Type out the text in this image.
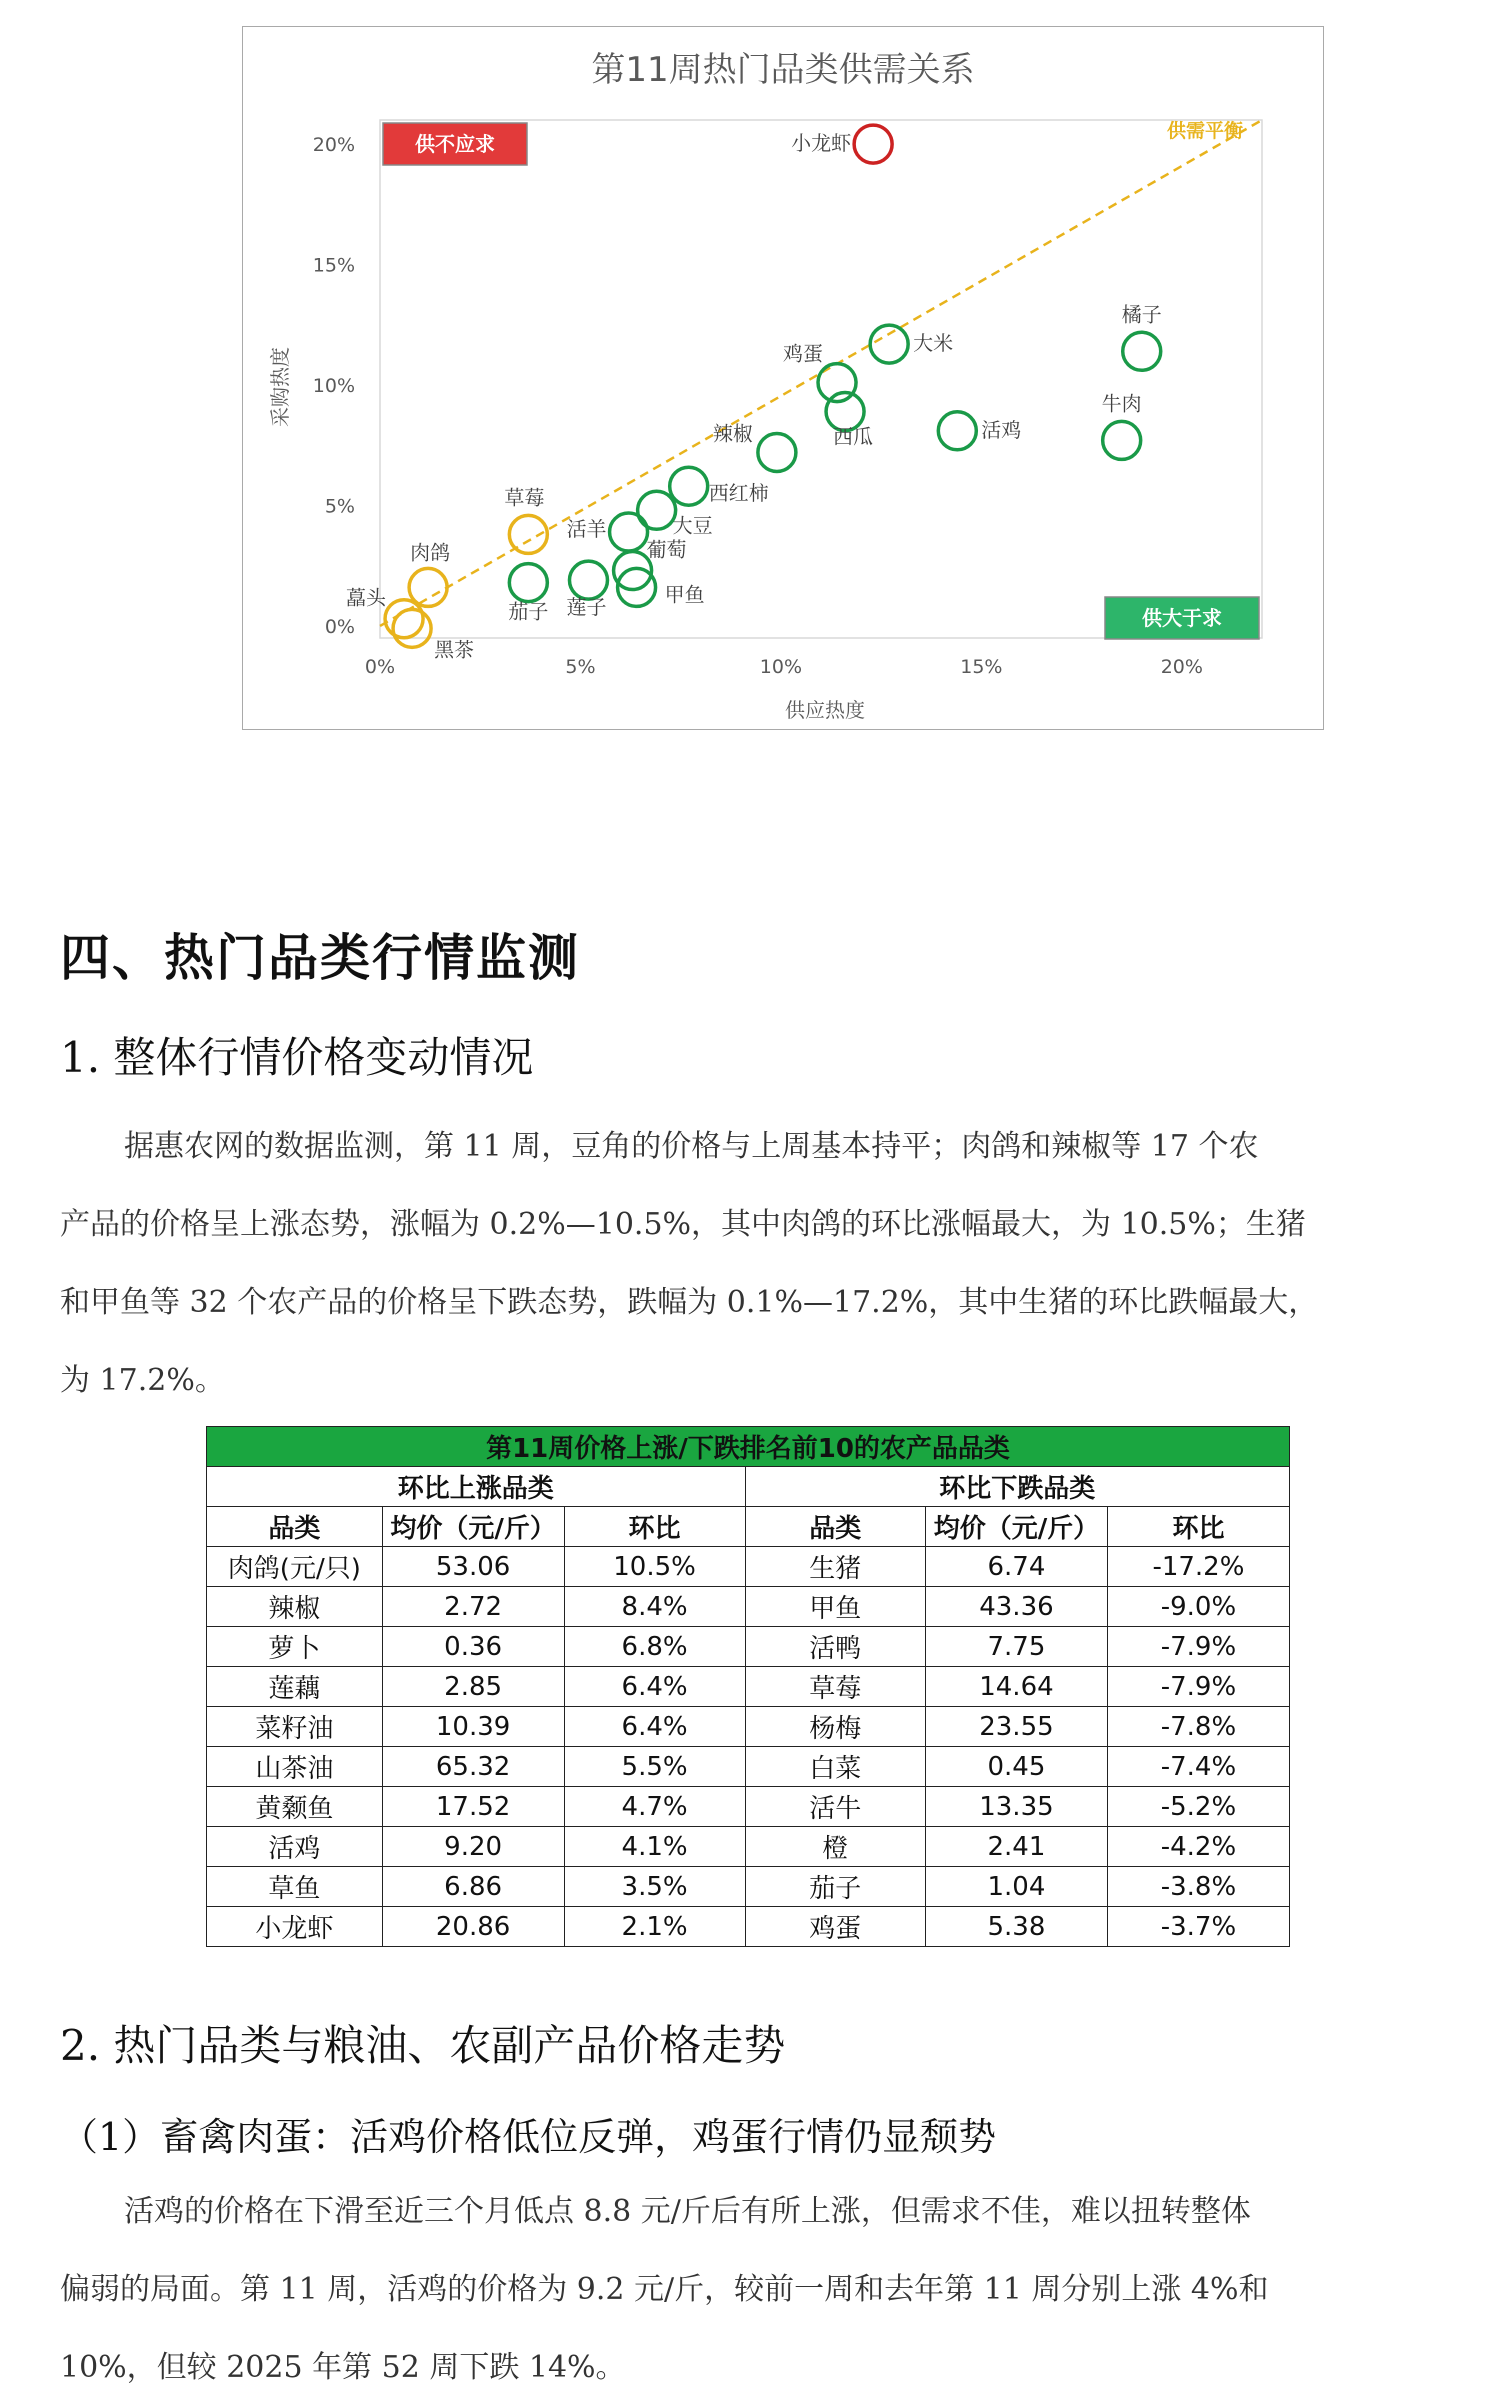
第11周热门品类供需关系
0%	5%	10%	15%	20%
0%
5%
10%
15%
20%
供应热度
采购热度
供需平衡
供不应求
供大于求
小龙虾
橘子
大米
鸡蛋
西瓜
牛肉
活鸡
辣椒
西红柿
大豆
活羊
葡萄
甲鱼
莲子
茄子
草莓
肉鸽
藠头
黑茶
四、热门品类行情监测
1. 整体行情价格变动情况

据惠农网的数据监测，第 11 周，豆角的价格与上周基本持平；肉鸽和辣椒等 17 个农
产品的价格呈上涨态势，涨幅为 0.2%—10.5%，其中肉鸽的环比涨幅最大，为 10.5%；生猪
和甲鱼等 32 个农产品的价格呈下跌态势，跌幅为 0.1%—17.2%，其中生猪的环比跌幅最大，
为 17.2%。

第11周价格上涨/下跌排名前10的农产品品类					
环比上涨品类			环比下跌品类		
品类	均价（元/斤）	环比	品类	均价（元/斤）	环比
肉鸽(元/只)	53.06	10.5%	生猪	6.74	-17.2%
辣椒	2.72	8.4%	甲鱼	43.36	-9.0%
萝卜	0.36	6.8%	活鸭	7.75	-7.9%
莲藕	2.85	6.4%	草莓	14.64	-7.9%
菜籽油	10.39	6.4%	杨梅	23.55	-7.8%
山茶油	65.32	5.5%	白菜	0.45	-7.4%
黄颡鱼	17.52	4.7%	活牛	13.35	-5.2%
活鸡	9.20	4.1%	橙	2.41	-4.2%
草鱼	6.86	3.5%	茄子	1.04	-3.8%
小龙虾	20.86	2.1%	鸡蛋	5.38	-3.7%
2. 热门品类与粮油、农副产品价格走势
（1）畜禽肉蛋：活鸡价格低位反弹，鸡蛋行情仍显颓势

活鸡的价格在下滑至近三个月低点 8.8 元/斤后有所上涨，但需求不佳，难以扭转整体
偏弱的局面。第 11 周，活鸡的价格为 9.2 元/斤，较前一周和去年第 11 周分别上涨 4%和
10%，但较 2025 年第 52 周下跌 14%。
